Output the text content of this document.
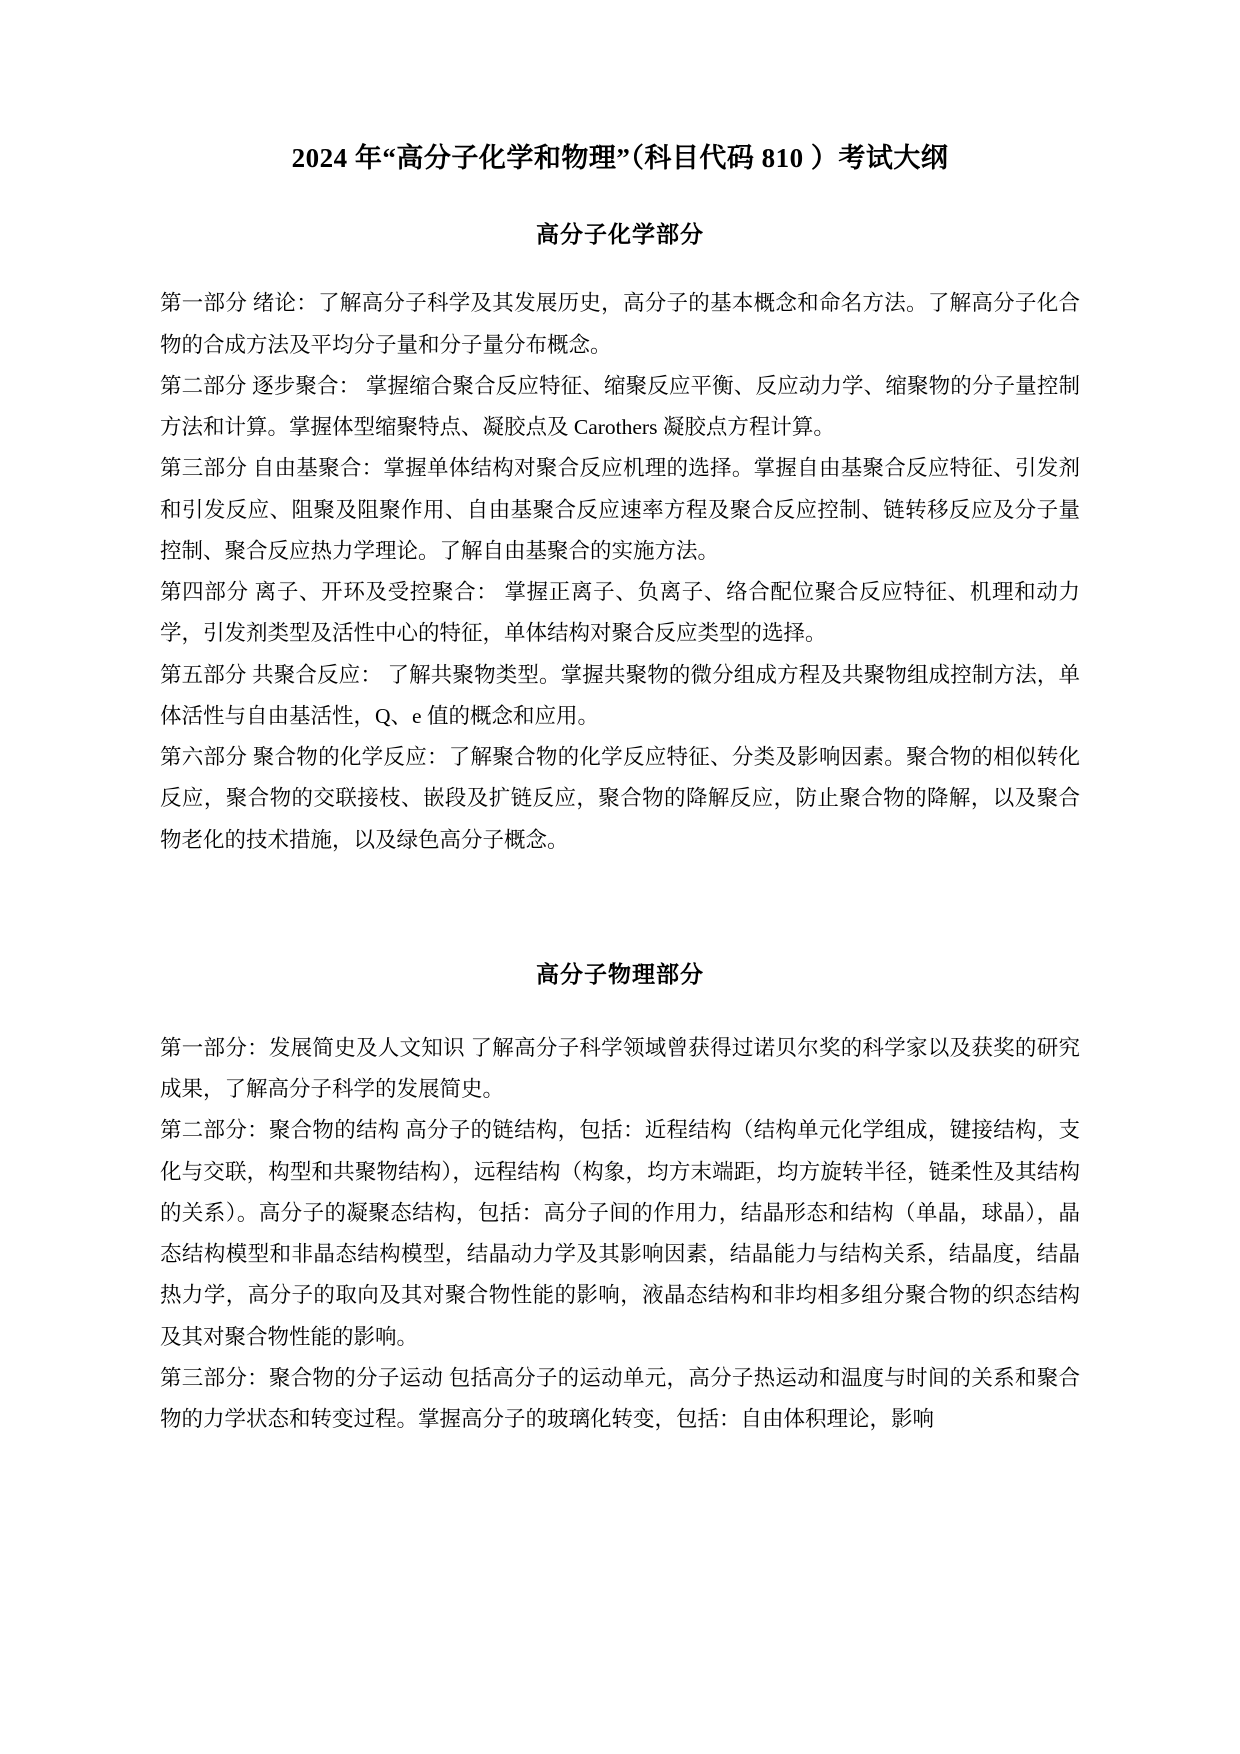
2024 年“高分子化学和物理”（科目代码 810 ）考试大纲
高分子化学部分

第一部分 绪论：了解高分子科学及其发展历史，高分子的基本概念和命名方法。了解高分子化合物的合成方法及平均分子量和分子量分布概念。

第二部分 逐步聚合： 掌握缩合聚合反应特征、缩聚反应平衡、反应动力学、缩聚物的分子量控制方法和计算。掌握体型缩聚特点、凝胶点及 Carothers 凝胶点方程计算。

第三部分 自由基聚合：掌握单体结构对聚合反应机理的选择。掌握自由基聚合反应特征、引发剂和引发反应、阻聚及阻聚作用、自由基聚合反应速率方程及聚合反应控制、链转移反应及分子量控制、聚合反应热力学理论。了解自由基聚合的实施方法。

第四部分 离子、开环及受控聚合： 掌握正离子、负离子、络合配位聚合反应特征、机理和动力学，引发剂类型及活性中心的特征，单体结构对聚合反应类型的选择。

第五部分 共聚合反应： 了解共聚物类型。掌握共聚物的微分组成方程及共聚物组成控制方法，单体活性与自由基活性，Q、e 值的概念和应用。

第六部分 聚合物的化学反应：了解聚合物的化学反应特征、分类及影响因素。聚合物的相似转化反应，聚合物的交联接枝、嵌段及扩链反应，聚合物的降解反应，防止聚合物的降解，以及聚合物老化的技术措施，以及绿色高分子概念。

高分子物理部分

第一部分：发展简史及人文知识 了解高分子科学领域曾获得过诺贝尔奖的科学家以及获奖的研究成果，了解高分子科学的发展简史。

第二部分：聚合物的结构 高分子的链结构，包括：近程结构（结构单元化学组成，键接结构，支化与交联，构型和共聚物结构），远程结构（构象，均方末端距，均方旋转半径，链柔性及其结构的关系）。高分子的凝聚态结构，包括：高分子间的作用力，结晶形态和结构（单晶，球晶），晶态结构模型和非晶态结构模型，结晶动力学及其影响因素，结晶能力与结构关系，结晶度，结晶热力学，高分子的取向及其对聚合物性能的影响，液晶态结构和非均相多组分聚合物的织态结构及其对聚合物性能的影响。

第三部分：聚合物的分子运动 包括高分子的运动单元，高分子热运动和温度与时间的关系和聚合物的力学状态和转变过程。掌握高分子的玻璃化转变，包括：自由体积理论，影响
